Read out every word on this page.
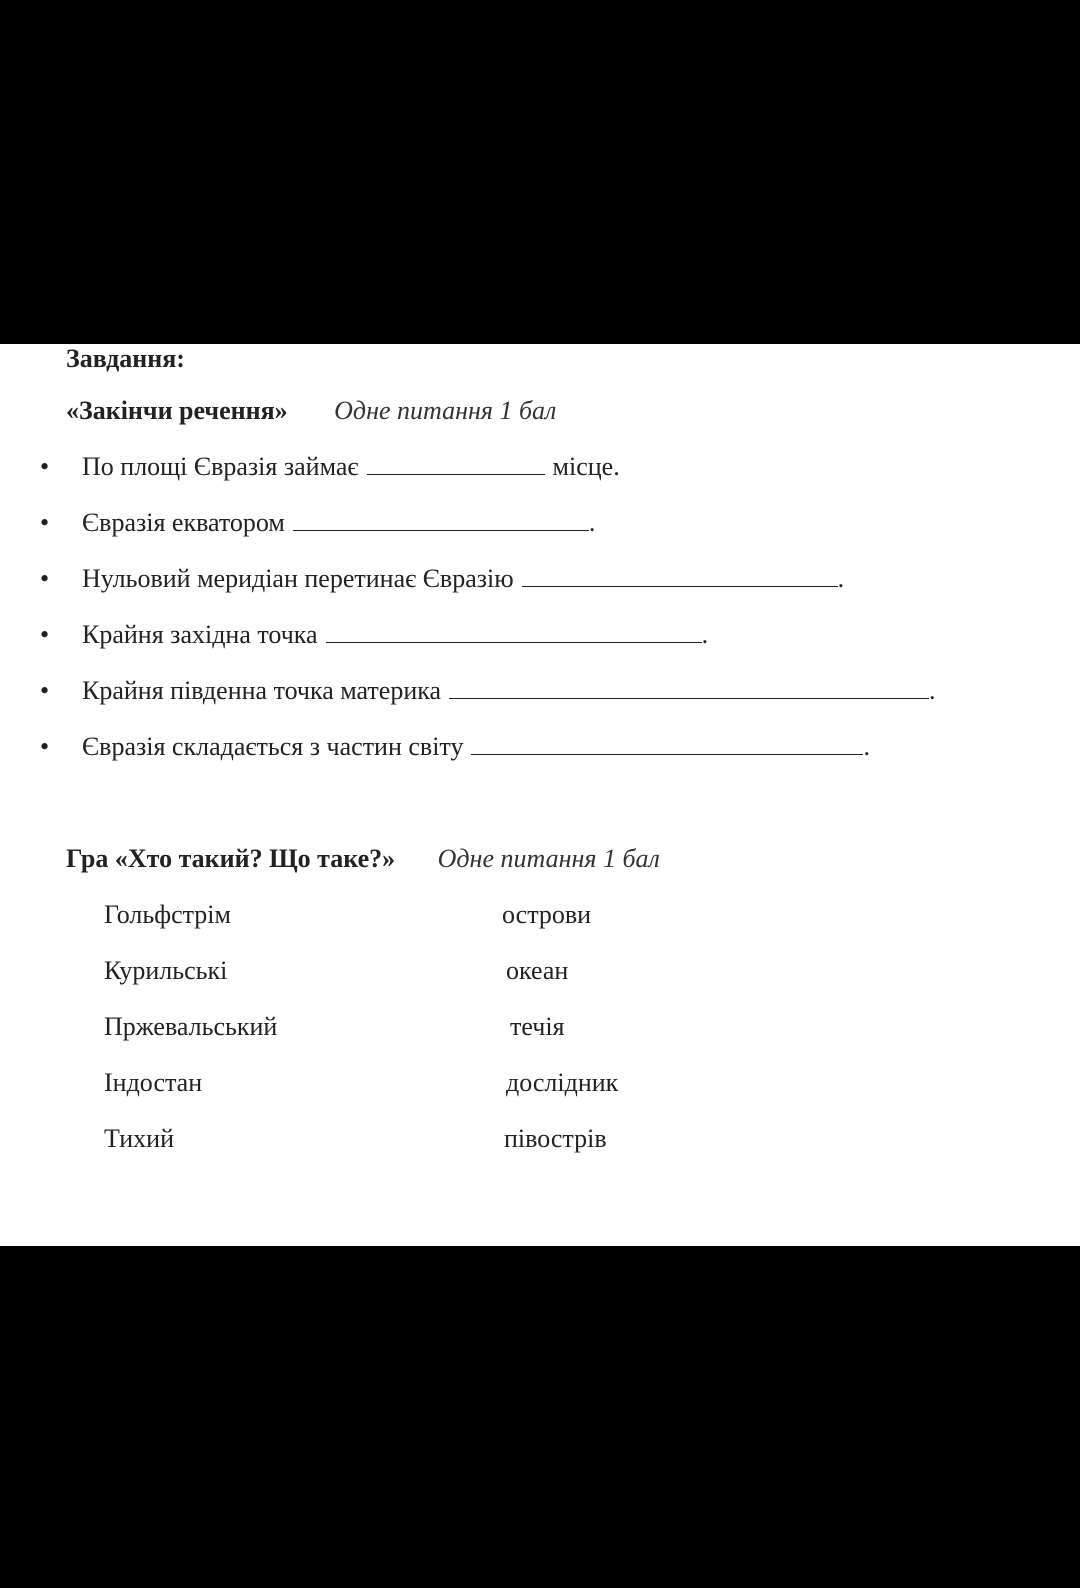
Завдання:
«Закінчи речення» Одне питання 1 бал
• По площі Євразія займає	місце.
• Євразія екватором	.
• Нульовий меридіан перетинає Євразію	.
• Крайня західна точка	.
• Крайня південна точка материка	.
• Євразія складається з частин світу	.
Гра «Хто такий? Що таке?» Одне питання 1 бал
Гольфстрім	острови
Курильські	океан
Пржевальський	течія
Індостан	дослідник
Тихий	півострів
